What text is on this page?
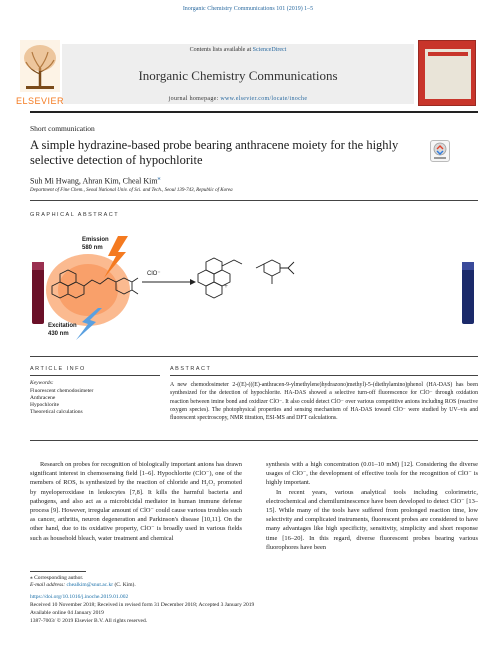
Inorganic Chemistry Communications 101 (2019) 1–5
Contents lists available at ScienceDirect
Inorganic Chemistry Communications
journal homepage: www.elsevier.com/locate/inoche
ELSEVIER
Short communication
A simple hydrazine-based probe bearing anthracene moiety for the highly selective detection of hypochlorite
Suh Mi Hwang, Ahran Kim, Cheal Kim⁎
Department of Fine Chem., Seoul National Univ. of Sci. and Tech., Seoul 139-743, Republic of Korea
GRAPHICAL ABSTRACT
Emission
580 nm
Excitation
430 nm
ClO⁻
+
ARTICLE INFO	ABSTRACT
Keywords:
Fluorescent chemodosimeter
Anthracene
Hypochlorite
Theoretical calculations
A new chemodosimeter 2-((E)-(((E)-anthracen-9-ylmethylene)hydrazono)methyl)-5-(diethylamino)phenol (HA-DAS) has been synthesized for the detection of hypochlorite. HA-DAS showed a selective turn-off fluorescence for ClO⁻ through oxidation reaction between imine bond and oxidizer ClO⁻. It also could detect ClO⁻ over various competitive anions including ROS (reactive oxygen species). The photophysical properties and sensing mechanism of HA-DAS toward ClO⁻ were studied by UV–vis and fluorescent spectroscopy, NMR titration, ESI-MS and DFT calculations.

Research on probes for recognition of biologically important anions has drawn significant interest in chemosensing field [1–6]. Hypochlorite (ClO⁻), one of the members of ROS, is synthesized by the reaction of chloride and H₂O₂ promoted by myeloperoxidase in leukocytes [7,8]. It kills the harmful bacteria and pathogens, and also act as a microbicidal mediator in human immune defense process [9]. However, irregular amount of ClO⁻ could cause various troubles such as cancer, arthritis, neuron degeneration and Parkinson's disease [10,11]. On the other hand, due to its oxidative property, ClO⁻ is broadly used in various fields such as household bleach, water treatment and chemical

synthesis with a high concentration (0.01–10 mM) [12]. Considering the diverse usages of ClO⁻, the development of effective tools for the recognition of ClO⁻ is highly important.

In recent years, various analytical tools including colorimetric, electrochemical and chemiluminescence have been developed to detect ClO⁻ [13–15]. While many of the tools have suffered from prolonged reaction time, low selectivity and complicated instruments, fluorescent probes are considered to have many advantages like high specificity, sensitivity, simplicity and short response time [16–20]. In this regard, diverse fluorescent probes bearing various fluorophores have been

⁎ Corresponding author.
E-mail address: chealkim@snut.ac.kr (C. Kim).
https://doi.org/10.1016/j.inoche.2019.01.002
Received 10 November 2018; Received in revised form 31 December 2018; Accepted 3 January 2019
Available online 04 January 2019
1387-7003/ © 2019 Elsevier B.V. All rights reserved.
